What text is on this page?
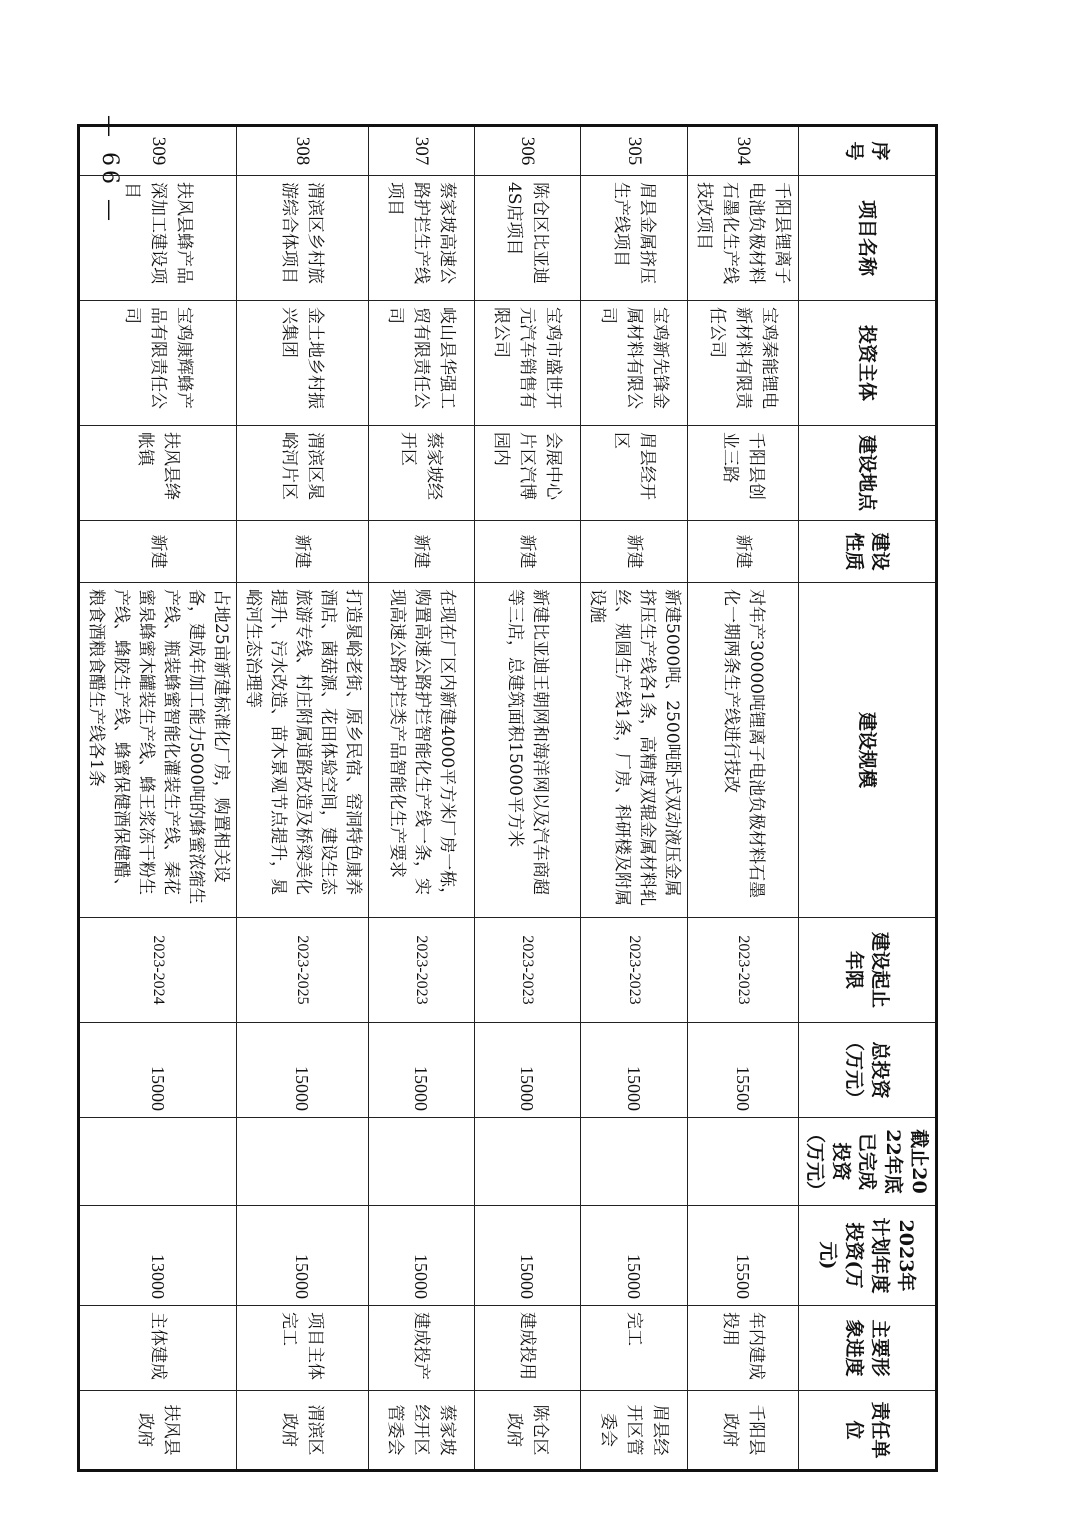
— 66 —	序号	项目名称	投资主体	建设地点	建设性质	建设规模	建设起止年限	总投资（万元）	截止2022年底已完成投资（万元）	2023年计划年度投资(万元)	主要形象进度	责任单位
304	千阳县锂离子电池负极材料石墨化生产线技改项目	宝鸡秦能锂电新材料有限责任公司	千阳县创业三路	新建	对年产30000吨锂离子电池负极材料石墨化一期两条生产线进行技改	2023-2023	15500		15500	年内建成投用	千阳县政府
305	眉县金属挤压生产线项目	宝鸡新先锋金属材料有限公司	眉县经开区	新建	新建5000吨、2500吨卧式双动液压金属挤压生产线各1条，高精度双辊金属材料轧丝、规圆生产线1条，厂房、科研楼及附属设施	2023-2023	15000		15000	完工	眉县经开区管委会
306	陈仓区比亚迪4S店项目	宝鸡市盛世开元汽车销售有限公司	会展中心片区汽博园内	新建	新建比亚迪王朝网和海洋网以及汽车商超等三店，总建筑面积15000平方米	2023-2023	15000		15000	建成投用	陈仓区政府
307	蔡家坡高速公路护拦生产线项目	岐山县华强工贸有限责任公司	蔡家坡经开区	新建	在现在厂区内新建4000平方米厂房一栋，购置高速公路护拦智能化生产线一条，实现高速公路护拦类产品智能化生产要求	2023-2023	15000		15000	建成投产	蔡家坡经开区管委会
308	渭滨区乡村旅游综合体项目	金土地乡村振兴集团	渭滨区晁峪河片区	新建	打造晁峪老街、原乡民宿、窑洞特色康养酒店、菌菇源、花田体验空间，建设生态旅游专线、村庄附属道路改造及桥梁美化提升、污水改造、苗木景观节点提升，晁峪河生态治理等	2023-2025	15000		15000	项目主体完工	渭滨区政府
309	扶风县蜂产品深加工建设项目	宝鸡康辉蜂产品有限责任公司	扶风县绛帐镇	新建	占地25亩新建标准化厂房，购置相关设备，建成年加工能力5000吨的蜂蜜浓缩生产线、瓶装蜂蜜智能化灌装生产线、秦花蜜泉蜂蜜木罐装生产线、蜂王浆冻干粉生产线、蜂胶生产线、蜂蜜保健酒保健醋、粮食酒粮食醋生产线各1条	2023-2024	15000		13000	主体建成	扶风县政府
